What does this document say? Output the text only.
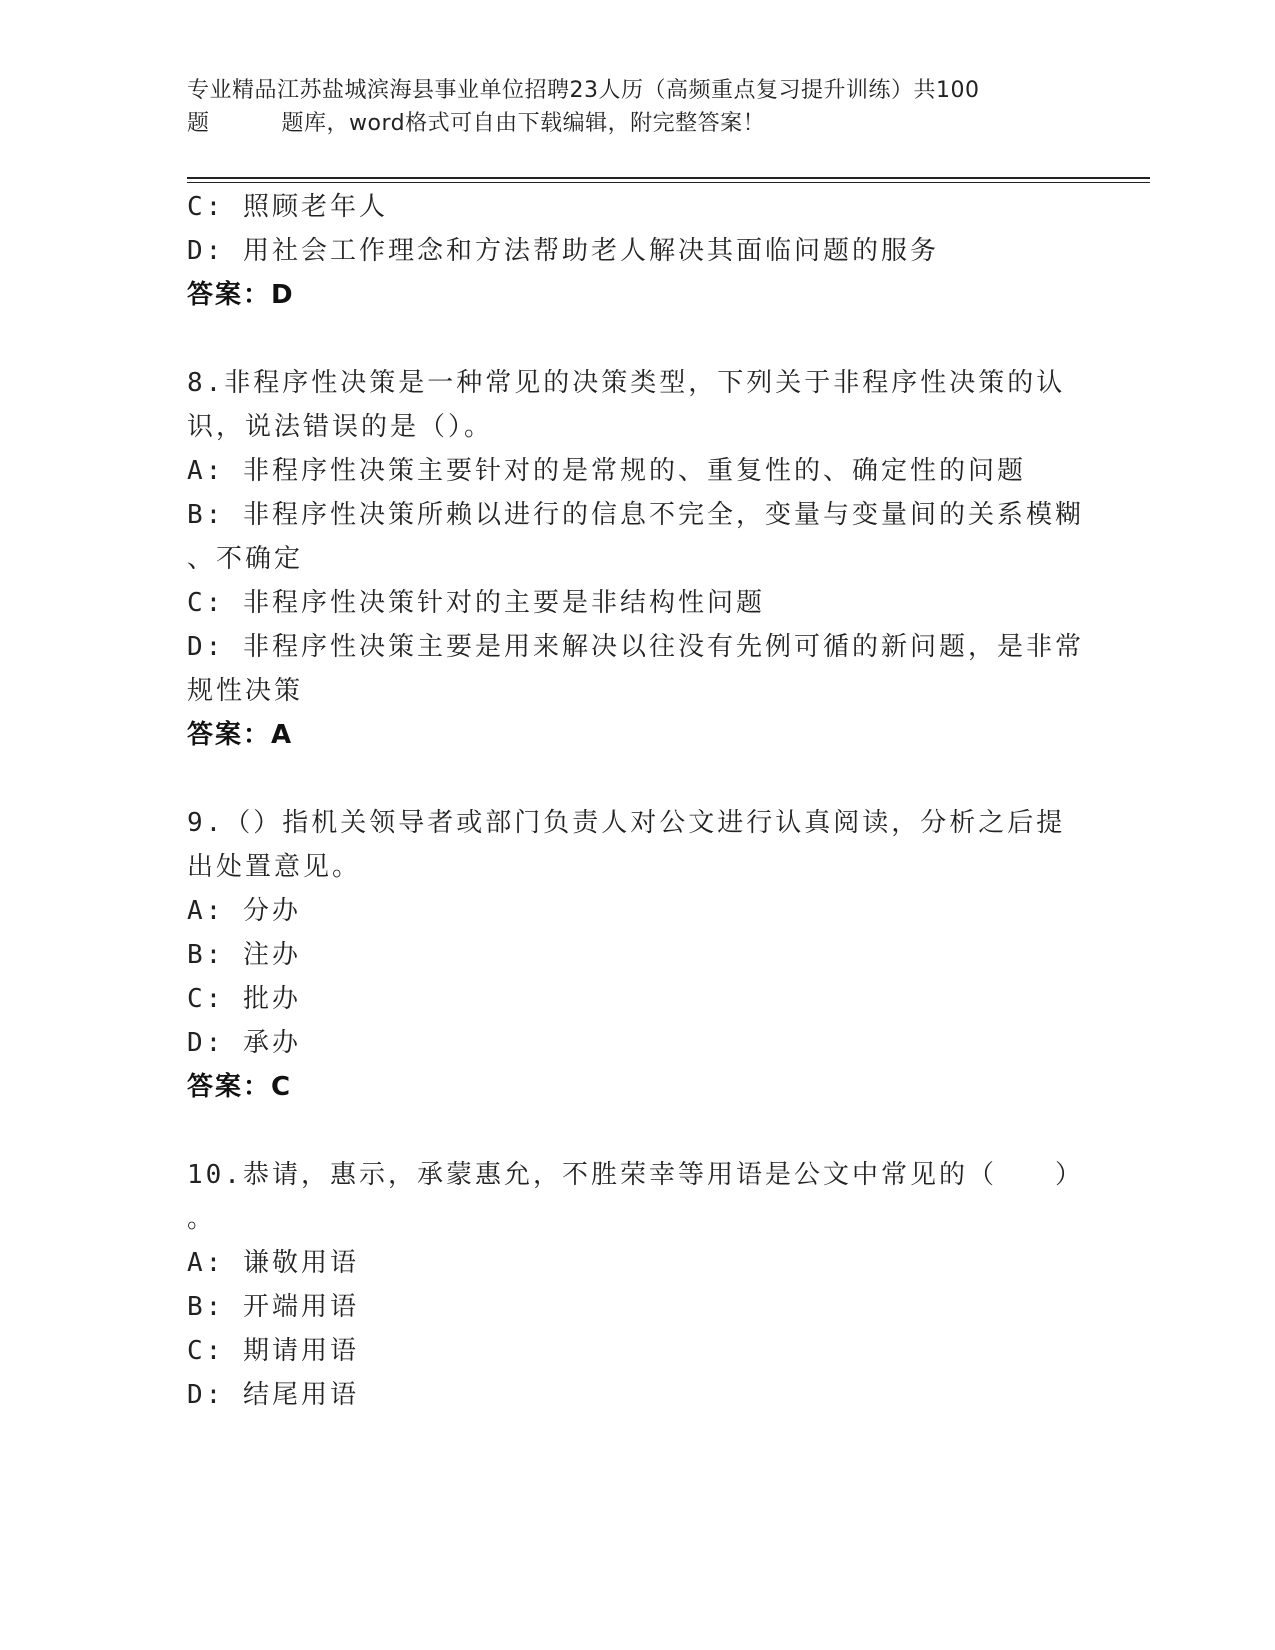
专业精品江苏盐城滨海县事业单位招聘23人历（高频重点复习提升训练）共100
题	题库，word格式可自由下载编辑，附完整答案！
C: 照顾老年人
D: 用社会工作理念和方法帮助老人解决其面临问题的服务
答案：D
8.非程序性决策是一种常见的决策类型，下列关于非程序性决策的认
识，说法错误的是（）。
A: 非程序性决策主要针对的是常规的、重复性的、确定性的问题
B: 非程序性决策所赖以进行的信息不完全，变量与变量间的关系模糊
、不确定
C: 非程序性决策针对的主要是非结构性问题
D: 非程序性决策主要是用来解决以往没有先例可循的新问题，是非常
规性决策
答案：A
9.（）指机关领导者或部门负责人对公文进行认真阅读，分析之后提
出处置意见。
A: 分办
B: 注办
C: 批办
D: 承办
答案：C
10.恭请，惠示，承蒙惠允，不胜荣幸等用语是公文中常见的（　　）
。
A: 谦敬用语
B: 开端用语
C: 期请用语
D: 结尾用语
